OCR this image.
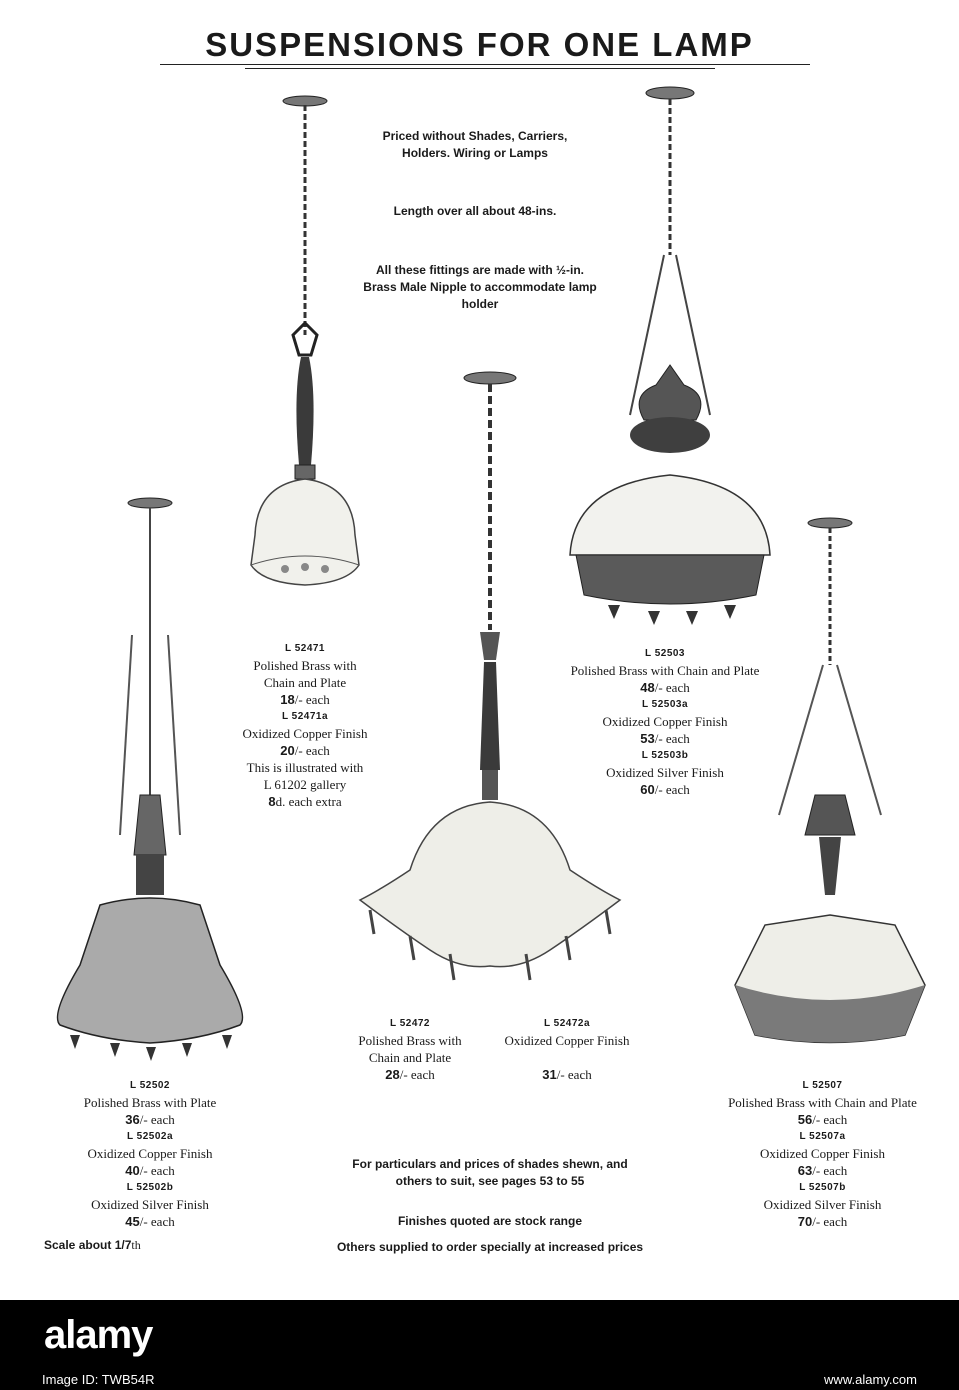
SUSPENSIONS FOR ONE LAMP
Priced without Shades, Carriers, Holders. Wiring or Lamps
Length over all about 48-ins.
All these fittings are made with ½-in. Brass Male Nipple to accommodate lamp holder
L 52471
Polished Brass with
Chain and Plate
18/- each
L 52471a
Oxidized Copper Finish
20/- each
This is illustrated with
L 61202 gallery
8d. each extra
L 52503
Polished Brass with Chain and Plate
48/- each
L 52503a
Oxidized Copper Finish
53/- each
L 52503b
Oxidized Silver Finish
60/- each
L 52472
Polished Brass with
Chain and Plate
28/- each
L 52472a
Oxidized Copper Finish
31/- each
L 52502
Polished Brass with Plate
36/- each
L 52502a
Oxidized Copper Finish
40/- each
L 52502b
Oxidized Silver Finish
45/- each
L 52507
Polished Brass with Chain and Plate
56/- each
L 52507a
Oxidized Copper Finish
63/- each
L 52507b
Oxidized Silver Finish
70/- each
For particulars and prices of shades shewn, and
others to suit, see pages 53 to 55
Finishes quoted are stock range
Others supplied to order specially at increased prices
Scale about 1/7th
alamy
Image ID: TWB54R	www.alamy.com
